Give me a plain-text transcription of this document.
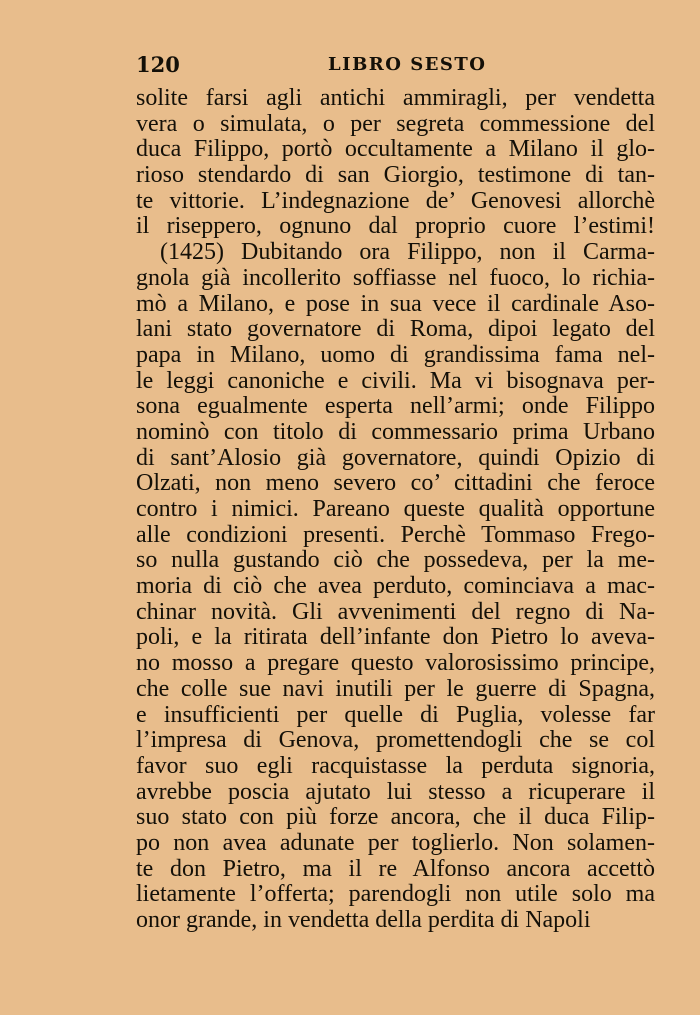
120	LIBRO SESTO
solite farsi agli antichi ammiragli, per vendetta
vera o simulata, o per segreta commessione del
duca Filippo, portò occultamente a Milano il glo-
rioso stendardo di san Giorgio, testimone di tan-
te vittorie. L’indegnazione de’ Genovesi allorchè
il riseppero, ognuno dal proprio cuore l’estimi!
(1425) Dubitando ora Filippo, non il Carma-
gnola già incollerito soffiasse nel fuoco, lo richia-
mò a Milano, e pose in sua vece il cardinale Aso-
lani stato governatore di Roma, dipoi legato del
papa in Milano, uomo di grandissima fama nel-
le leggi canoniche e civili. Ma vi bisognava per-
sona egualmente esperta nell’armi; onde Filippo
nominò con titolo di commessario prima Urbano
di sant’Alosio già governatore, quindi Opizio di
Olzati, non meno severo co’ cittadini che feroce
contro i nimici. Pareano queste qualità opportune
alle condizioni presenti. Perchè Tommaso Frego-
so nulla gustando ciò che possedeva, per la me-
moria di ciò che avea perduto, cominciava a mac-
chinar novità. Gli avvenimenti del regno di Na-
poli, e la ritirata dell’infante don Pietro lo aveva-
no mosso a pregare questo valorosissimo principe,
che colle sue navi inutili per le guerre di Spagna,
e insufficienti per quelle di Puglia, volesse far
l’impresa di Genova, promettendogli che se col
favor suo egli racquistasse la perduta signoria,
avrebbe poscia ajutato lui stesso a ricuperare il
suo stato con più forze ancora, che il duca Filip-
po non avea adunate per toglierlo. Non solamen-
te don Pietro, ma il re Alfonso ancora accettò
lietamente l’offerta; parendogli non utile solo ma
onor grande, in vendetta della perdita di Napoli
